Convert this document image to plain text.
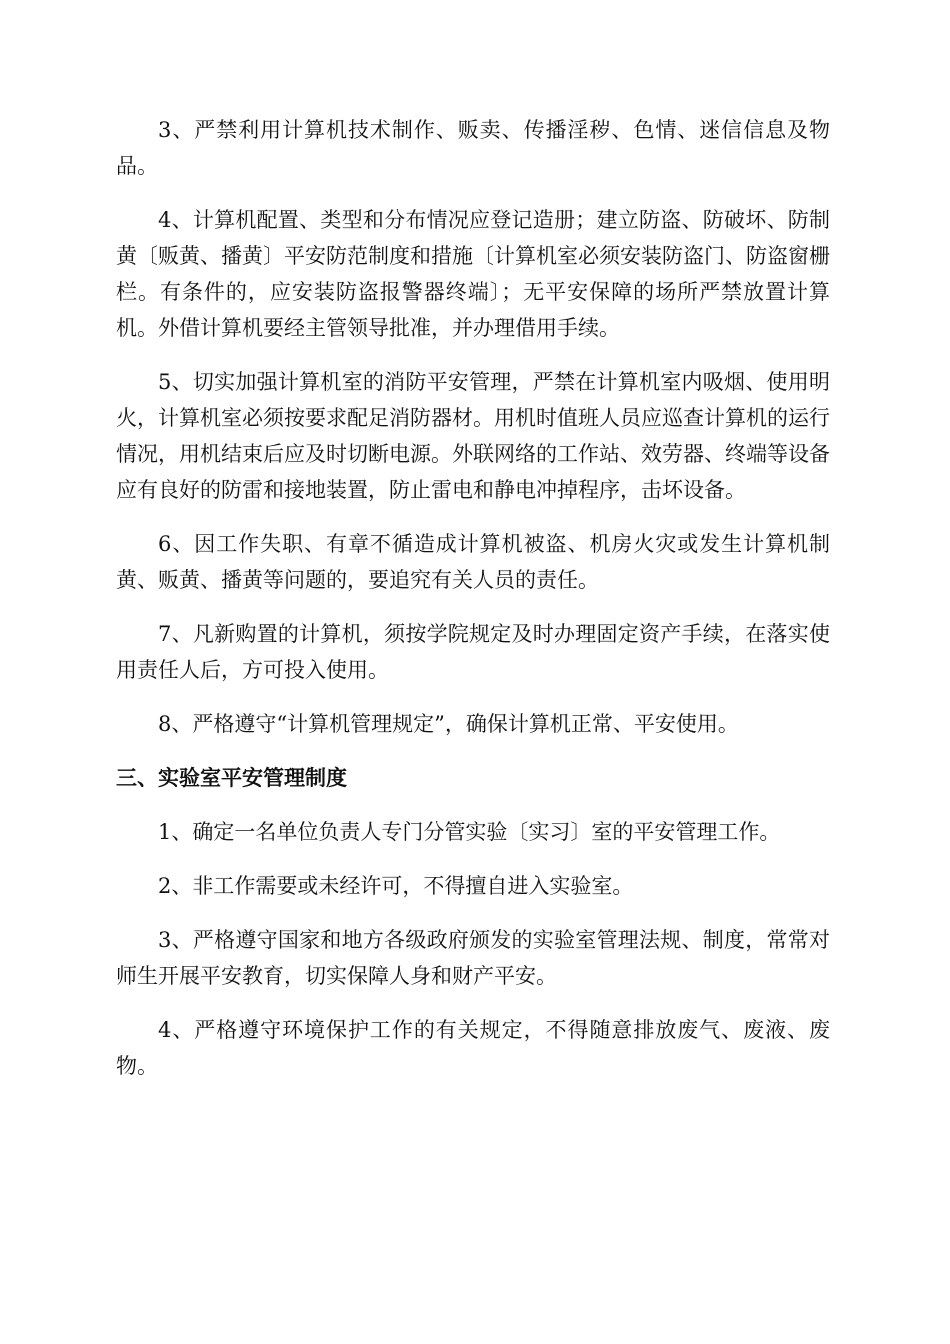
3、严禁利用计算机技术制作、贩卖、传播淫秽、色情、迷信信息及物品。

4、计算机配置、类型和分布情况应登记造册；建立防盗、防破坏、防制黄〔贩黄、播黄〕平安防范制度和措施〔计算机室必须安装防盗门、防盗窗栅栏。有条件的，应安装防盗报警器终端〕；无平安保障的场所严禁放置计算机。外借计算机要经主管领导批准，并办理借用手续。

5、切实加强计算机室的消防平安管理，严禁在计算机室内吸烟、使用明火，计算机室必须按要求配足消防器材。用机时值班人员应巡查计算机的运行情况，用机结束后应及时切断电源。外联网络的工作站、效劳器、终端等设备应有良好的防雷和接地装置，防止雷电和静电冲掉程序，击坏设备。

6、因工作失职、有章不循造成计算机被盗、机房火灾或发生计算机制黄、贩黄、播黄等问题的，要追究有关人员的责任。

7、凡新购置的计算机，须按学院规定及时办理固定资产手续，在落实使用责任人后，方可投入使用。

8、严格遵守“计算机管理规定”，确保计算机正常、平安使用。

三、实验室平安管理制度

1、确定一名单位负责人专门分管实验〔实习〕室的平安管理工作。

2、非工作需要或未经许可，不得擅自进入实验室。

3、严格遵守国家和地方各级政府颁发的实验室管理法规、制度，常常对师生开展平安教育，切实保障人身和财产平安。

4、严格遵守环境保护工作的有关规定，不得随意排放废气、废液、废物。
